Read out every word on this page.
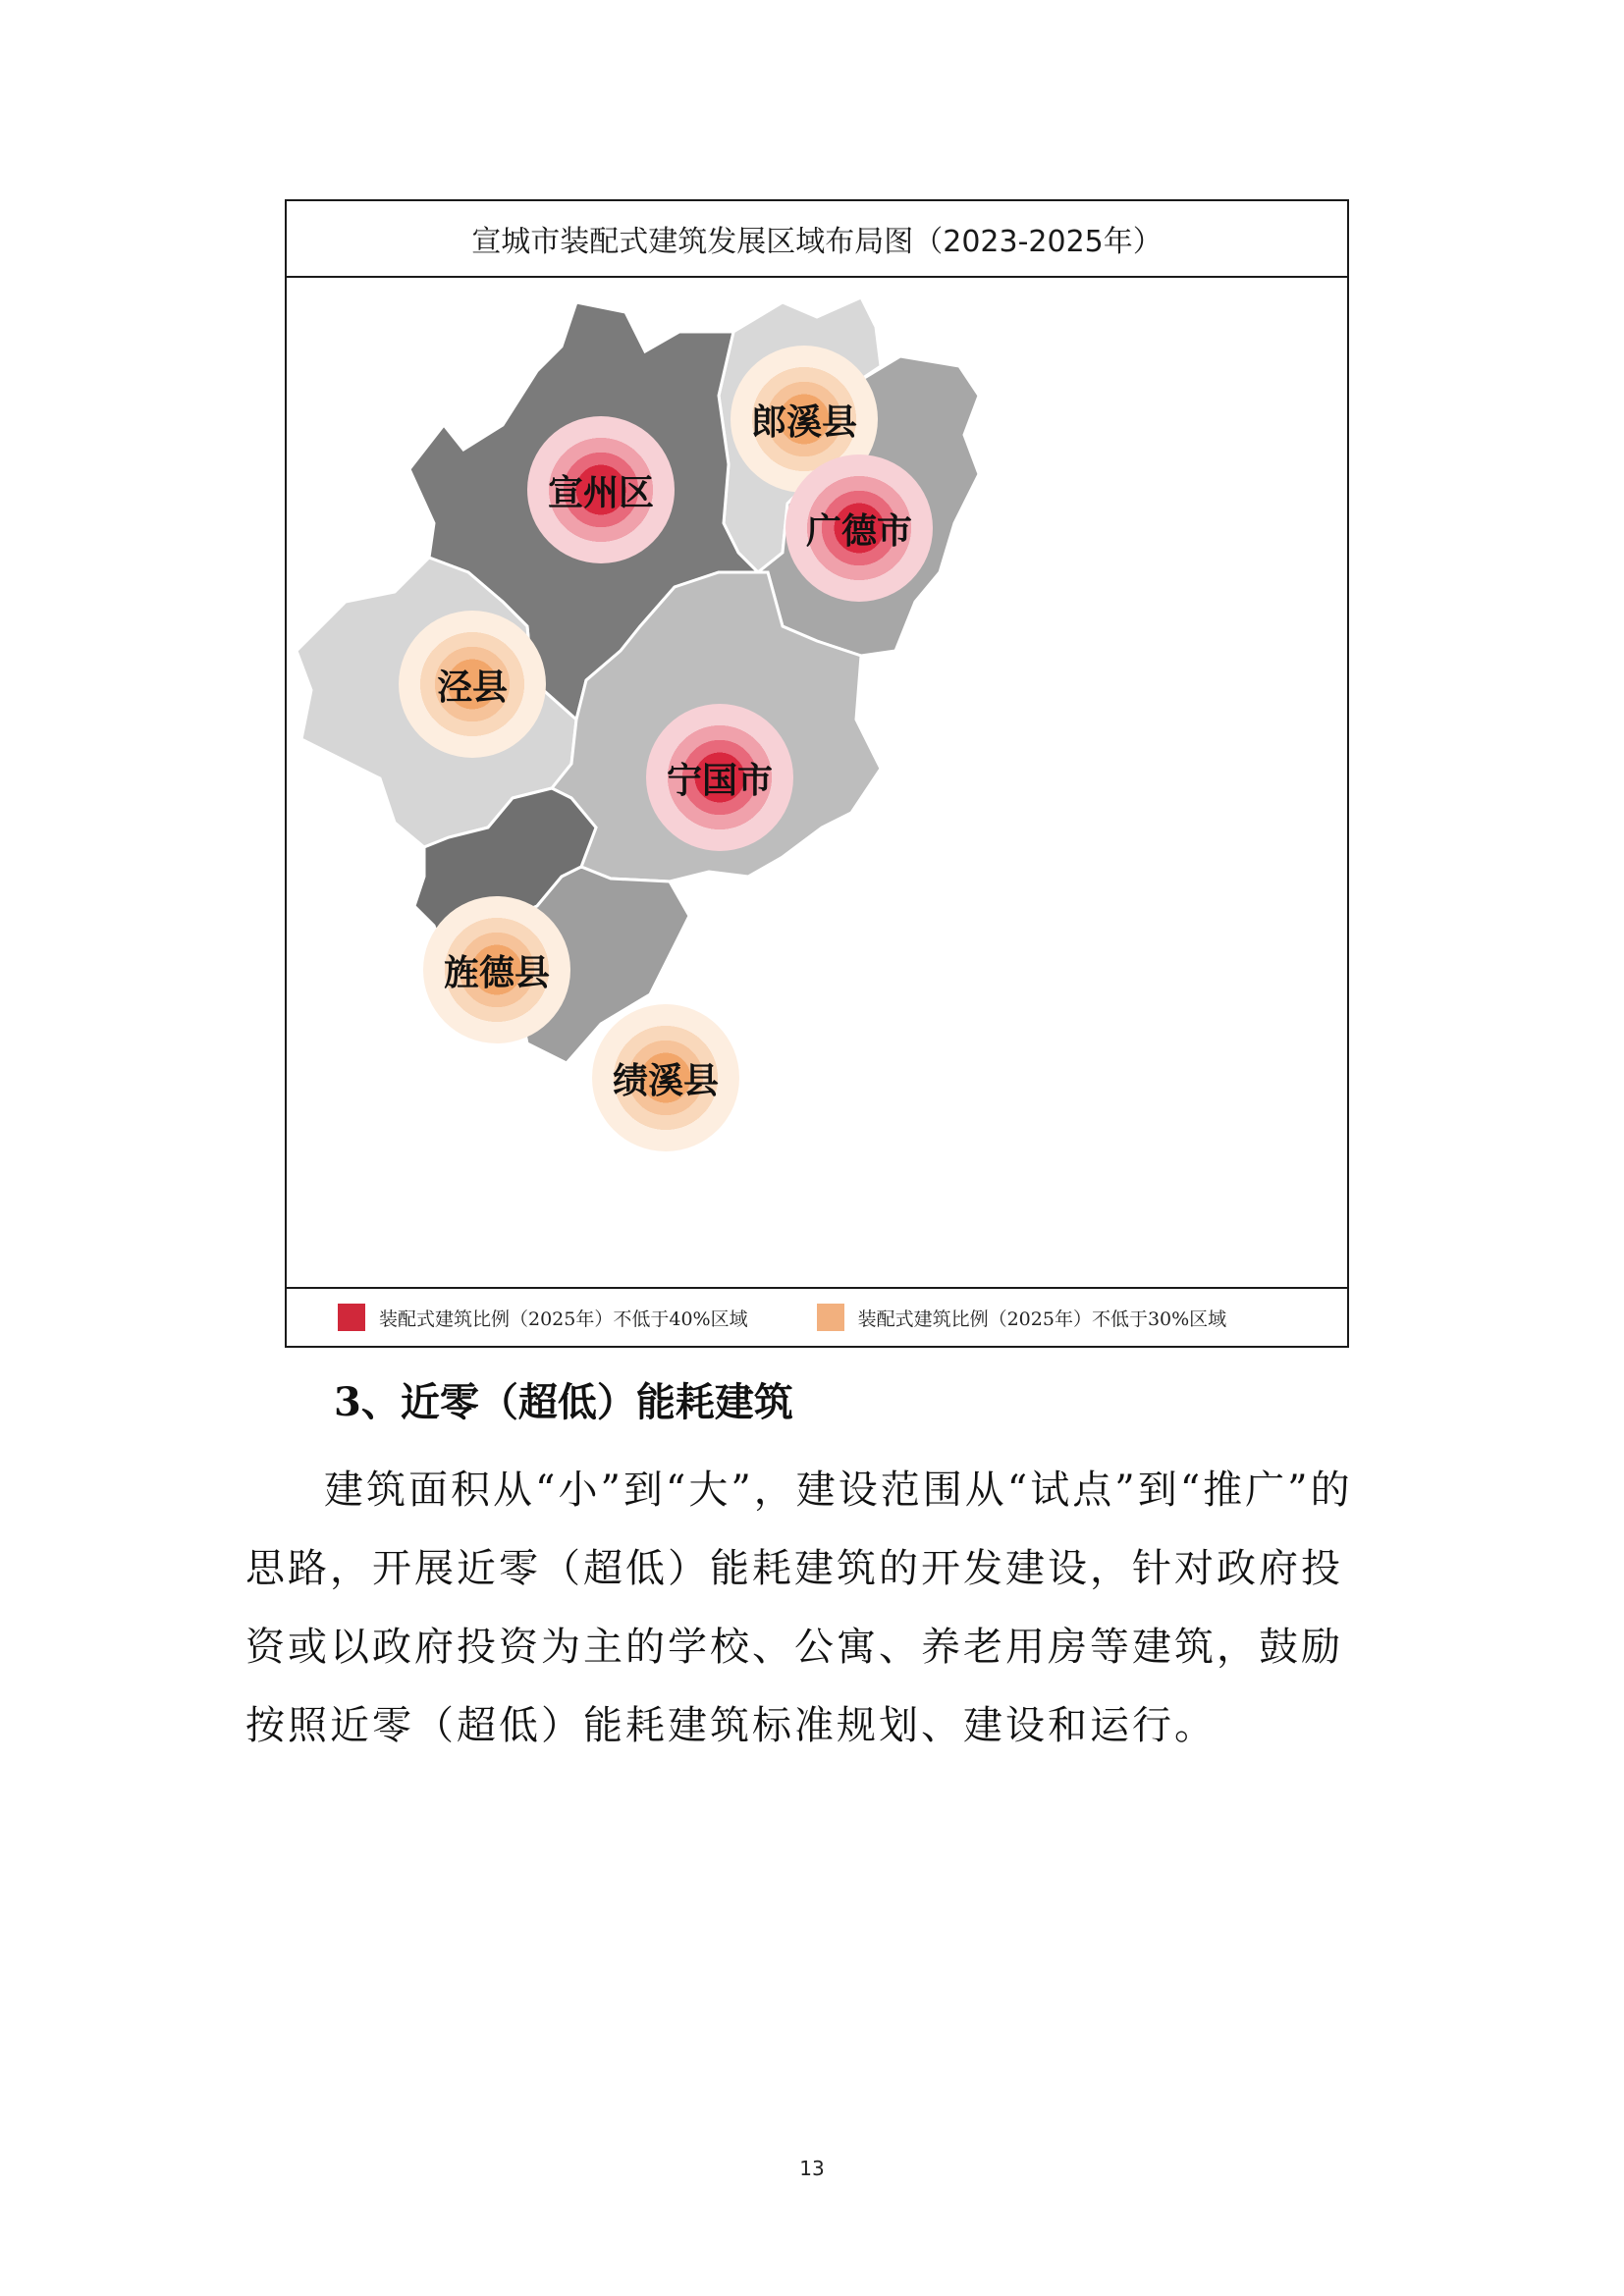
宣城市装配式建筑发展区域布局图（2023-2025年）
宣州区
郎溪县
广德市
泾县
宁国市
旌德县
绩溪县
装配式建筑比例（2025年）不低于40%区域	装配式建筑比例（2025年）不低于30%区域
3、近零（超低）能耗建筑

建筑面积从“小”到“大”，建设范围从“试点”到“推广”的思路，开展近零（超低）能耗建筑的开发建设，针对政府投资或以政府投资为主的学校、公寓、养老用房等建筑，鼓励按照近零（超低）能耗建筑标准规划、建设和运行。

13
